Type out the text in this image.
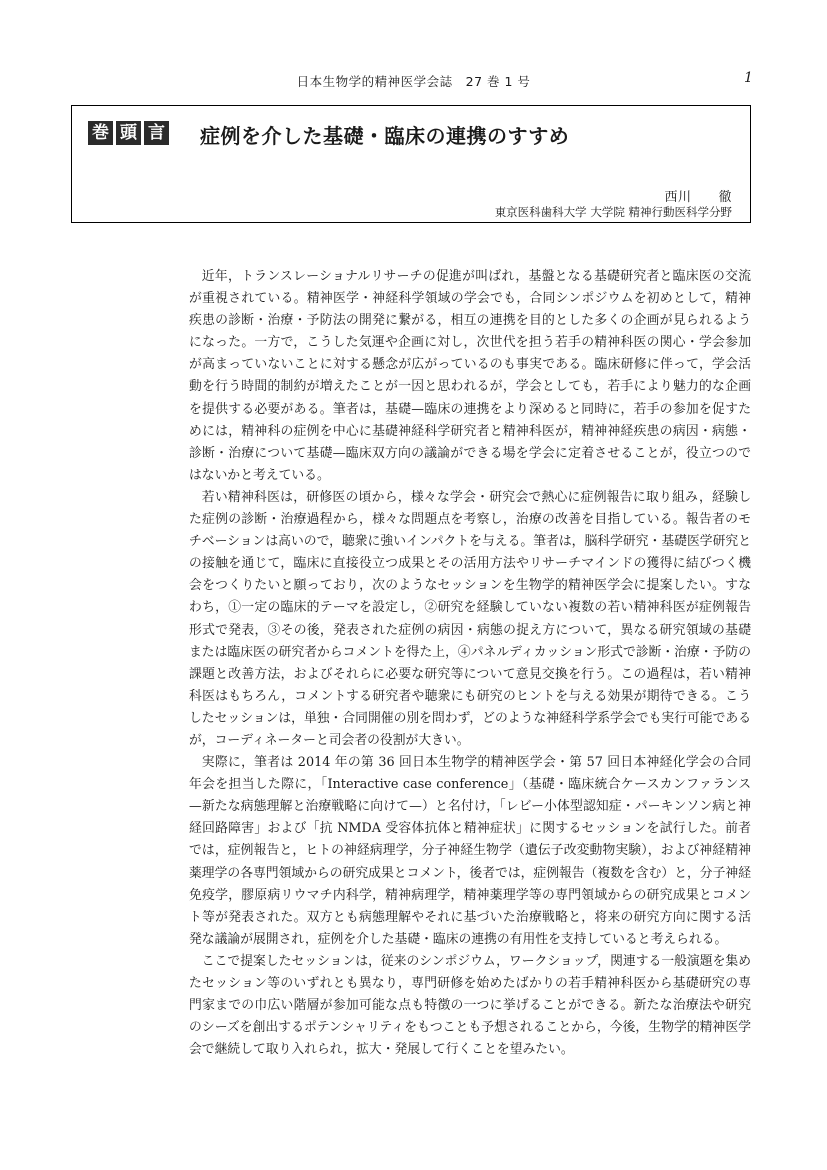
日本生物学的精神医学会誌　27 巻 1 号	1
巻 頭 言 症例を介した基礎・臨床の連携のすすめ
西川　　徹
東京医科歯科大学 大学院 精神行動医科学分野

近年，トランスレーショナルリサーチの促進が叫ばれ，基盤となる基礎研究者と臨床医の交流が重視されている。精神医学・神経科学領域の学会でも，合同シンポジウムを初めとして，精神疾患の診断・治療・予防法の開発に繋がる，相互の連携を目的とした多くの企画が見られるようになった。一方で，こうした気運や企画に対し，次世代を担う若手の精神科医の関心・学会参加が高まっていないことに対する懸念が広がっているのも事実である。臨床研修に伴って，学会活動を行う時間的制約が増えたことが一因と思われるが，学会としても，若手により魅力的な企画を提供する必要がある。筆者は，基礎—臨床の連携をより深めると同時に，若手の参加を促すためには，精神科の症例を中心に基礎神経科学研究者と精神科医が，精神神経疾患の病因・病態・診断・治療について基礎—臨床双方向の議論ができる場を学会に定着させることが，役立つのではないかと考えている。

若い精神科医は，研修医の頃から，様々な学会・研究会で熱心に症例報告に取り組み，経験した症例の診断・治療過程から，様々な問題点を考察し，治療の改善を目指している。報告者のモチベーションは高いので，聴衆に強いインパクトを与える。筆者は，脳科学研究・基礎医学研究との接触を通じて，臨床に直接役立つ成果とその活用方法やリサーチマインドの獲得に結びつく機会をつくりたいと願っており，次のようなセッションを生物学的精神医学会に提案したい。すなわち，①一定の臨床的テーマを設定し，②研究を経験していない複数の若い精神科医が症例報告形式で発表，③その後，発表された症例の病因・病態の捉え方について，異なる研究領域の基礎または臨床医の研究者からコメントを得た上，④パネルディカッション形式で診断・治療・予防の課題と改善方法，およびそれらに必要な研究等について意見交換を行う。この過程は，若い精神科医はもちろん，コメントする研究者や聴衆にも研究のヒントを与える効果が期待できる。こうしたセッションは，単独・合同開催の別を問わず，どのような神経科学系学会でも実行可能であるが，コーディネーターと司会者の役割が大きい。

実際に，筆者は 2014 年の第 36 回日本生物学的精神医学会・第 57 回日本神経化学会の合同年会を担当した際に，「Interactive case conference」（基礎・臨床統合ケースカンファランス—新たな病態理解と治療戦略に向けて—）と名付け，「レビー小体型認知症・パーキンソン病と神経回路障害」および「抗 NMDA 受容体抗体と精神症状」に関するセッションを試行した。前者では，症例報告と，ヒトの神経病理学，分子神経生物学（遺伝子改変動物実験），および神経精神薬理学の各専門領域からの研究成果とコメント，後者では，症例報告（複数を含む）と，分子神経免疫学，膠原病リウマチ内科学，精神病理学，精神薬理学等の専門領域からの研究成果とコメント等が発表された。双方とも病態理解やそれに基づいた治療戦略と，将来の研究方向に関する活発な議論が展開され，症例を介した基礎・臨床の連携の有用性を支持していると考えられる。

ここで提案したセッションは，従来のシンポジウム，ワークショップ，関連する一般演題を集めたセッション等のいずれとも異なり，専門研修を始めたばかりの若手精神科医から基礎研究の専門家までの巾広い階層が参加可能な点も特徴の一つに挙げることができる。新たな治療法や研究のシーズを創出するポテンシャリティをもつことも予想されることから，今後，生物学的精神医学会で継続して取り入れられ，拡大・発展して行くことを望みたい。
